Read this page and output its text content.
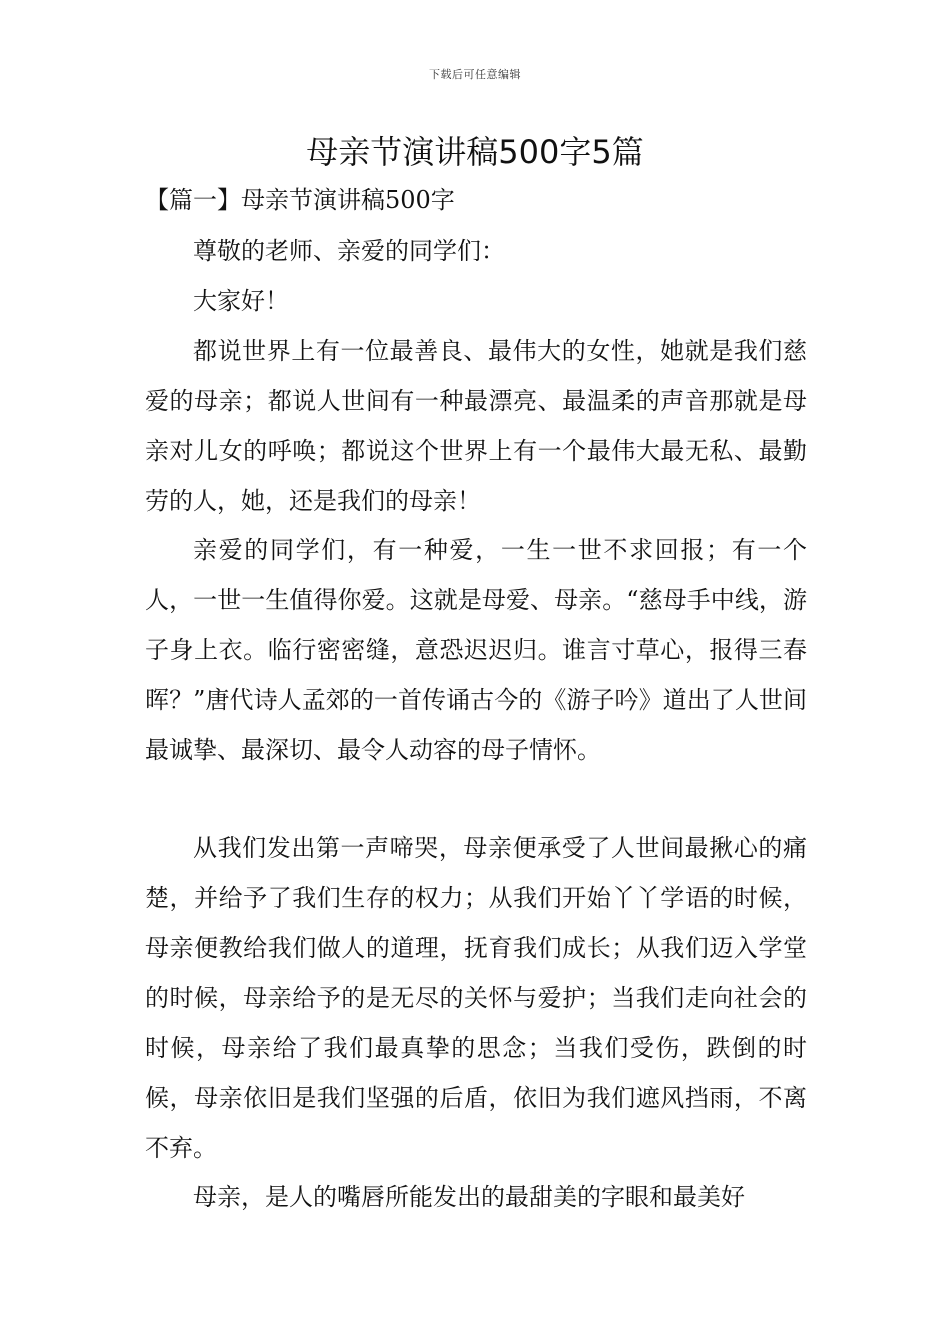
下载后可任意编辑
母亲节演讲稿500字5篇
【篇一】母亲节演讲稿500字

尊敬的老师、亲爱的同学们：

大家好！

都说世界上有一位最善良、最伟大的女性，她就是我们慈爱的母亲；都说人世间有一种最漂亮、最温柔的声音那就是母亲对儿女的呼唤；都说这个世界上有一个最伟大最无私、最勤劳的人，她，还是我们的母亲！

亲爱的同学们，有一种爱，一生一世不求回报；有一个人，一世一生值得你爱。这就是母爱、母亲。“慈母手中线，游子身上衣。临行密密缝，意恐迟迟归。谁言寸草心，报得三春晖？”唐代诗人孟郊的一首传诵古今的《游子吟》道出了人世间最诚挚、最深切、最令人动容的母子情怀。

从我们发出第一声啼哭，母亲便承受了人世间最揪心的痛楚，并给予了我们生存的权力；从我们开始丫丫学语的时候，母亲便教给我们做人的道理，抚育我们成长；从我们迈入学堂的时候，母亲给予的是无尽的关怀与爱护；当我们走向社会的时候，母亲给了我们最真挚的思念；当我们受伤，跌倒的时候，母亲依旧是我们坚强的后盾，依旧为我们遮风挡雨，不离不弃。

母亲，是人的嘴唇所能发出的最甜美的字眼和最美好
